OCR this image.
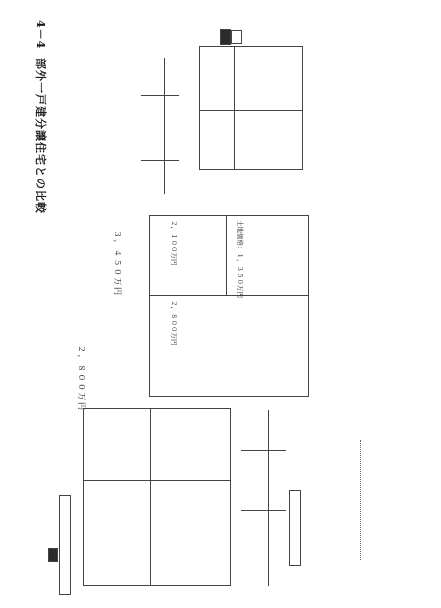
4－4
部外一戸建分譲住宅との比較
３，４５０万円
２，８００万円
２，１００万円	土地価格：１，３５０万円
２，８００万円
